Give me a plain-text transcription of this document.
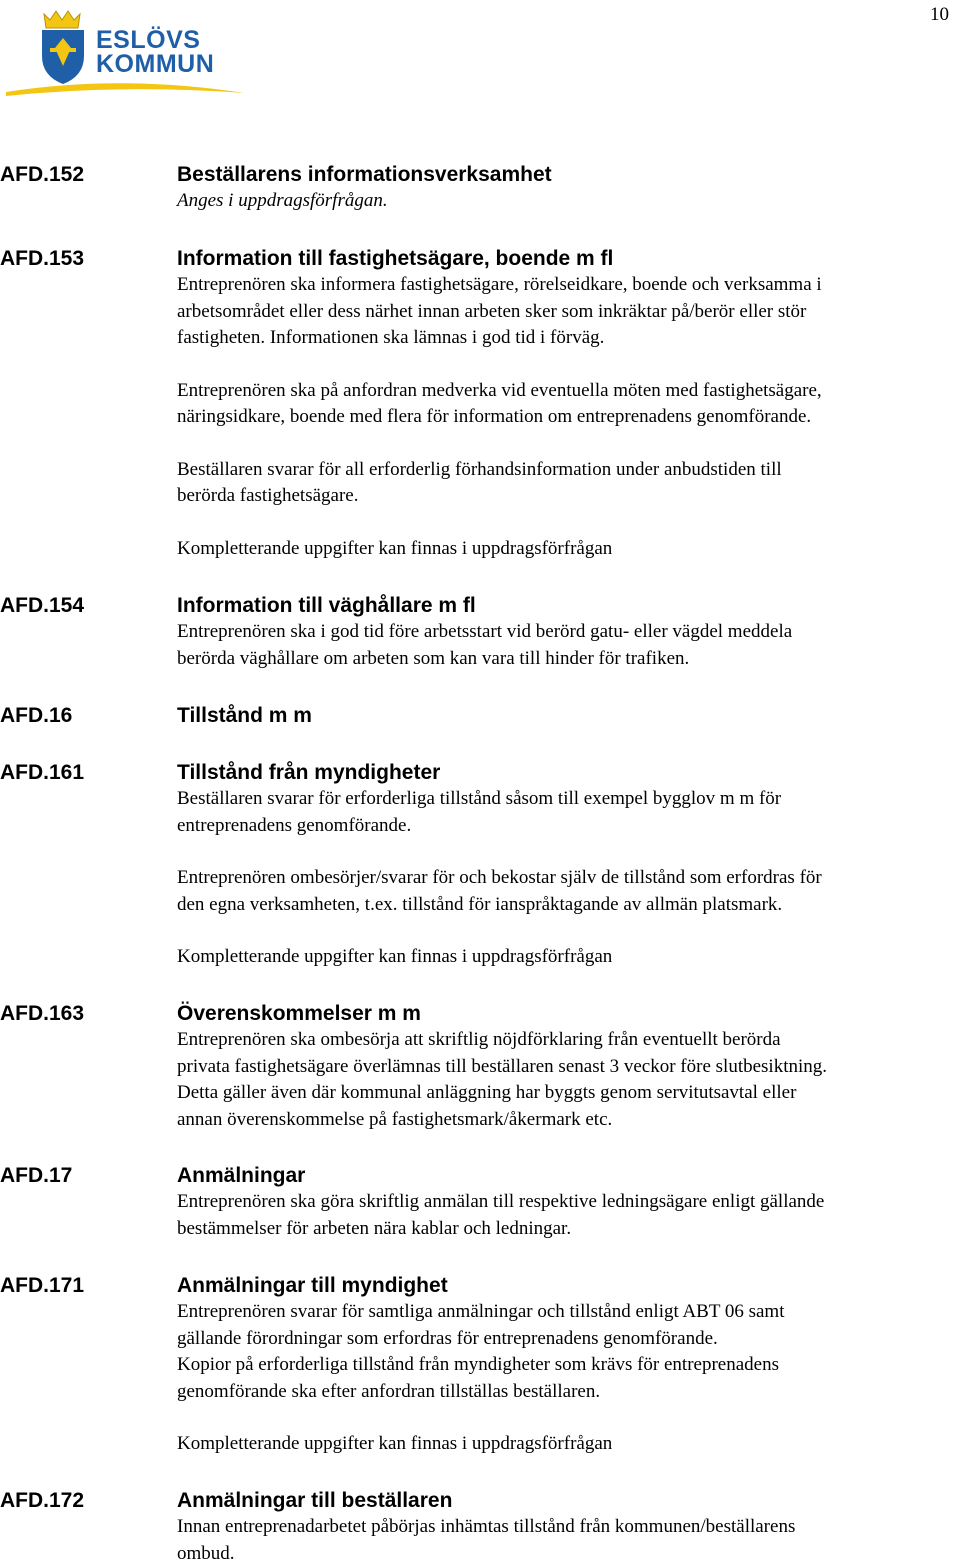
10
ESLÖVS
KOMMUN
AFD.152	Beställarens informationsverksamhet
Anges i uppdragsförfrågan.
AFD.153	Information till fastighetsägare, boende m fl
Entreprenören ska informera fastighetsägare, rörelseidkare, boende och verksamma i
arbetsområdet eller dess närhet innan arbeten sker som inkräktar på/berör eller stör
fastigheten. Informationen ska lämnas i god tid i förväg.
Entreprenören ska på anfordran medverka vid eventuella möten med fastighetsägare,
näringsidkare, boende med flera för information om entreprenadens genomförande.
Beställaren svarar för all erforderlig förhandsinformation under anbudstiden till
berörda fastighetsägare.
Kompletterande uppgifter kan finnas i uppdragsförfrågan
AFD.154	Information till väghållare m fl
Entreprenören ska i god tid före arbetsstart vid berörd gatu- eller vägdel meddela
berörda väghållare om arbeten som kan vara till hinder för trafiken.
AFD.16	Tillstånd m m
AFD.161	Tillstånd från myndigheter
Beställaren svarar för erforderliga tillstånd såsom till exempel bygglov m m för
entreprenadens genomförande.
Entreprenören ombesörjer/svarar för och bekostar själv de tillstånd som erfordras för
den egna verksamheten, t.ex. tillstånd för ianspråktagande av allmän platsmark.
Kompletterande uppgifter kan finnas i uppdragsförfrågan
AFD.163	Överenskommelser m m
Entreprenören ska ombesörja att skriftlig nöjdförklaring från eventuellt berörda
privata fastighetsägare överlämnas till beställaren senast 3 veckor före slutbesiktning.
Detta gäller även där kommunal anläggning har byggts genom servitutsavtal eller
annan överenskommelse på fastighetsmark/åkermark etc.
AFD.17	Anmälningar
Entreprenören ska göra skriftlig anmälan till respektive ledningsägare enligt gällande
bestämmelser för arbeten nära kablar och ledningar.
AFD.171	Anmälningar till myndighet
Entreprenören svarar för samtliga anmälningar och tillstånd enligt ABT 06 samt
gällande förordningar som erfordras för entreprenadens genomförande.
Kopior på erforderliga tillstånd från myndigheter som krävs för entreprenadens
genomförande ska efter anfordran tillställas beställaren.
Kompletterande uppgifter kan finnas i uppdragsförfrågan
AFD.172	Anmälningar till beställaren
Innan entreprenadarbetet påbörjas inhämtas tillstånd från kommunen/beställarens
ombud.
